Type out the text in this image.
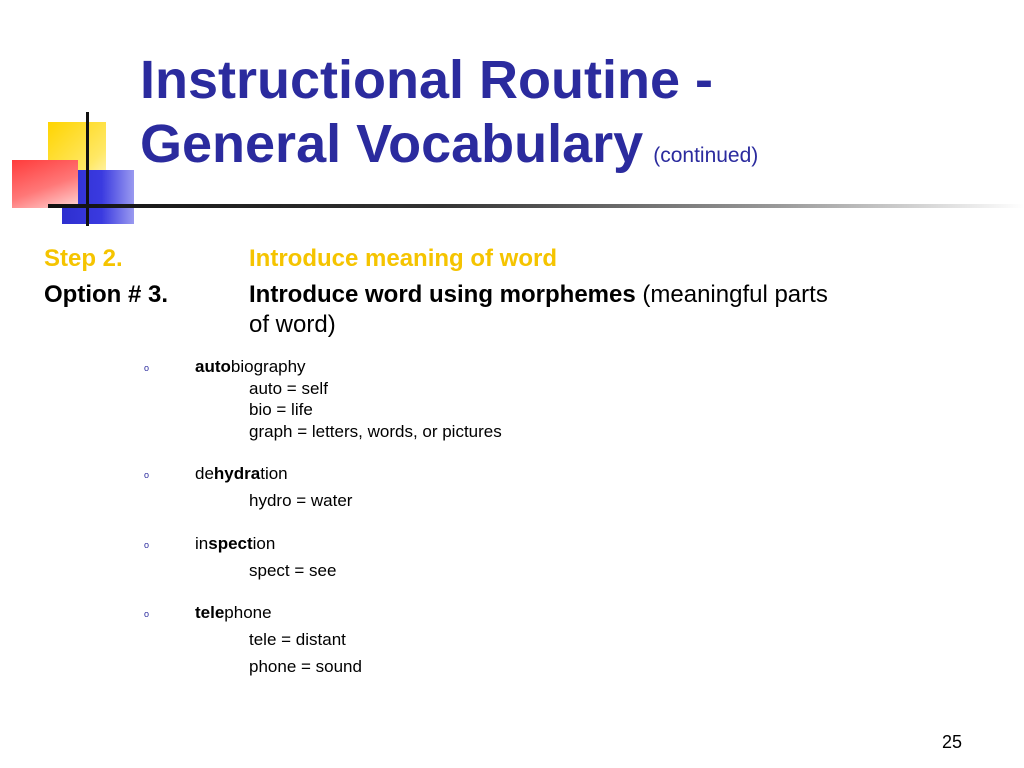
Instructional Routine -
General Vocabulary (continued)
Step 2.	Introduce meaning of word
Option # 3.	Introduce word using morphemes (meaningful parts of word)
o	autobiography
auto = self
bio = life
graph = letters, words, or pictures
o	dehydration
hydro = water
o	inspection
spect = see
o	telephone
tele = distant
phone = sound
25
